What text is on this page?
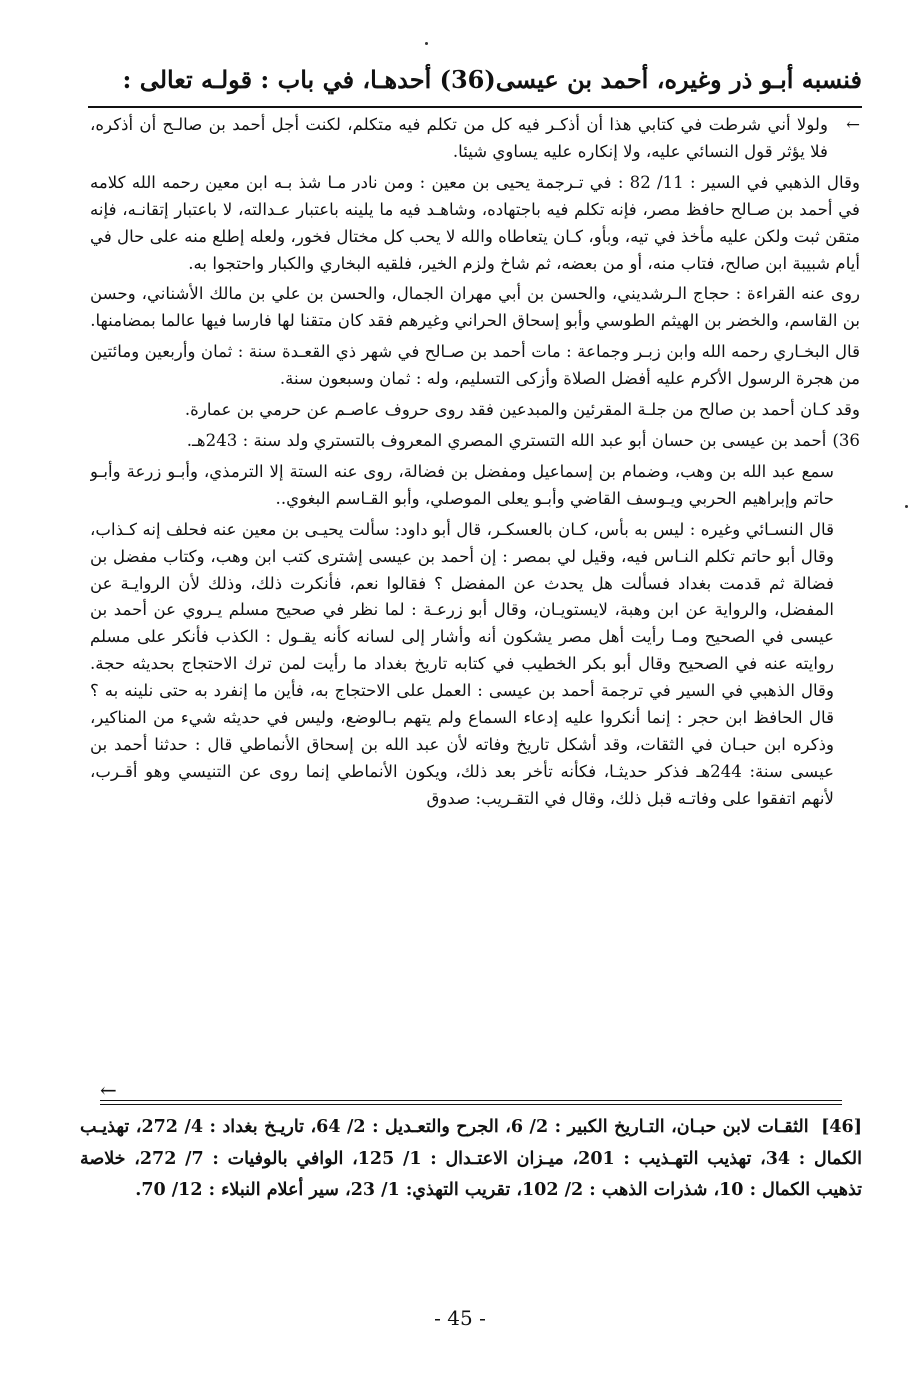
فنسبه أبـو ذر وغيره، أحمد بن عيسى(36) أحدهـا، في باب : قولـه تعالى :

←
ولولا أني شرطت في كتابي هذا أن أذكـر فيه كل من تكلم فيه متكلم، لكنت أجل أحمد بن صالـح أن أذكره، فلا يؤثر قول النسائي عليه، ولا إنكاره عليه يساوي شيئا.

وقال الذهبي في السير : 11/ 82 : في تـرجمة يحيى بن معين : ومن نادر مـا شذ بـه ابن معين رحمه الله كلامه في أحمد بن صـالح حافظ مصر، فإنه تكلم فيه باجتهاده، وشاهـد فيه ما يلينه باعتبار عـدالته، لا باعتبار إتقانـه، فإنه متقن ثبت ولكن عليه مأخذ في تيه، وبأو، كـان يتعاطاه والله لا يحب كل مختال فخور، ولعله إطلع منه على حال في أيام شبيبة ابن صالح، فتاب منه، أو من بعضه، ثم شاخ ولزم الخير، فلقيه البخاري والكبار واحتجوا به.

روى عنه القراءة : حجاج الـرشديني، والحسن بن أبي مهران الجمال، والحسن بن علي بن مالك الأشناني، وحسن بن القاسم، والخضر بن الهيثم الطوسي وأبو إسحاق الحراني وغيرهم فقد كان متقنا لها فارسا فيها عالما بمضامنها.

قال البخـاري رحمه الله وابن زبـر وجماعة : مات أحمد بن صـالح في شهر ذي القعـدة سنة : ثمان وأربعين ومائتين من هجرة الرسول الأكرم عليه أفضل الصلاة وأزكى التسليم، وله : ثمان وسبعون سنة.

وقد كـان أحمد بن صالح من جلـة المقرئين والمبدعين فقد روى حروف عاصـم عن حرمي بن عمارة.

36)
أحمد بن عيسى بن حسان أبو عبد الله التستري المصري المعروف بالتستري ولد سنة : 243هـ.

سمع عبد الله بن وهب، وضمام بن إسماعيل ومفضل بن فضالة، روى عنه الستة إلا الترمذي، وأبـو زرعة وأبـو حاتم وإبراهيم الحربي ويـوسف القاضي وأبـو يعلى الموصلي، وأبو القـاسم البغوي..

قال النسـائي وغيره : ليس به بأس، كـان بالعسكـر، قال أبو داود: سألت يحيـى بن معين عنه فحلف إنه كـذاب، وقال أبو حاتم تكلم النـاس فيه، وقيل لي بمصر : إن أحمد بن عيسى إشترى كتب ابن وهب، وكتاب مفضل بن فضالة ثم قدمت بغداد فسألت هل يحدث عن المفضل ؟ فقالوا نعم، فأنكرت ذلك، وذلك لأن الروايـة عن المفضل، والرواية عن ابن وهبة، لايستويـان، وقال أبو زرعـة : لما نظر في صحيح مسلم يـروي عن أحمد بن عيسى في الصحيح ومـا رأيت أهل مصر يشكون أنه وأشار إلى لسانه كأنه يقـول : الكذب فأنكر على مسلم روايته عنه في الصحيح وقال أبو بكر الخطيب في كتابه تاريخ بغداد ما رأيت لمن ترك الاحتجاج بحديثه حجة. وقال الذهبي في السير في ترجمة أحمد بن عيسى : العمل على الاحتجاج به، فأين ما إنفرد به حتى نلينه به ؟ قال الحافظ ابن حجر : إنما أنكروا عليه إدعاء السماع ولم يتهم بـالوضع، وليس في حديثه شيء من المناكير، وذكره ابن حبـان في الثقات، وقد أشكل تاريخ وفاته لأن عبد الله بن إسحاق الأنماطي قال : حدثنا أحمد بن عيسى سنة: 244هـ فذكر حديثـا، فكأنه تأخر بعد ذلك، ويكون الأنماطي إنما روى عن التنيسي وهو أقـرب، لأنهم اتفقوا على وفاتـه قبل ذلك، وقال في التقـريب: صدوق

←
[46] الثقـات لابن حبـان، التـاريخ الكبير : 2/ 6، الجرح والتعـديل : 2/ 64، تاريـخ بغداد : 4/ 272، تهذيـب الكمال : 34، تهذيب التهـذيب : 201، ميـزان الاعتـدال : 1/ 125، الوافي بالوفيات : 7/ 272، خلاصة تذهيب الكمال : 10، شذرات الذهب : 2/ 102، تقريب التهذي: 1/ 23، سير أعلام النبلاء : 12/ 70.
- 45 -
